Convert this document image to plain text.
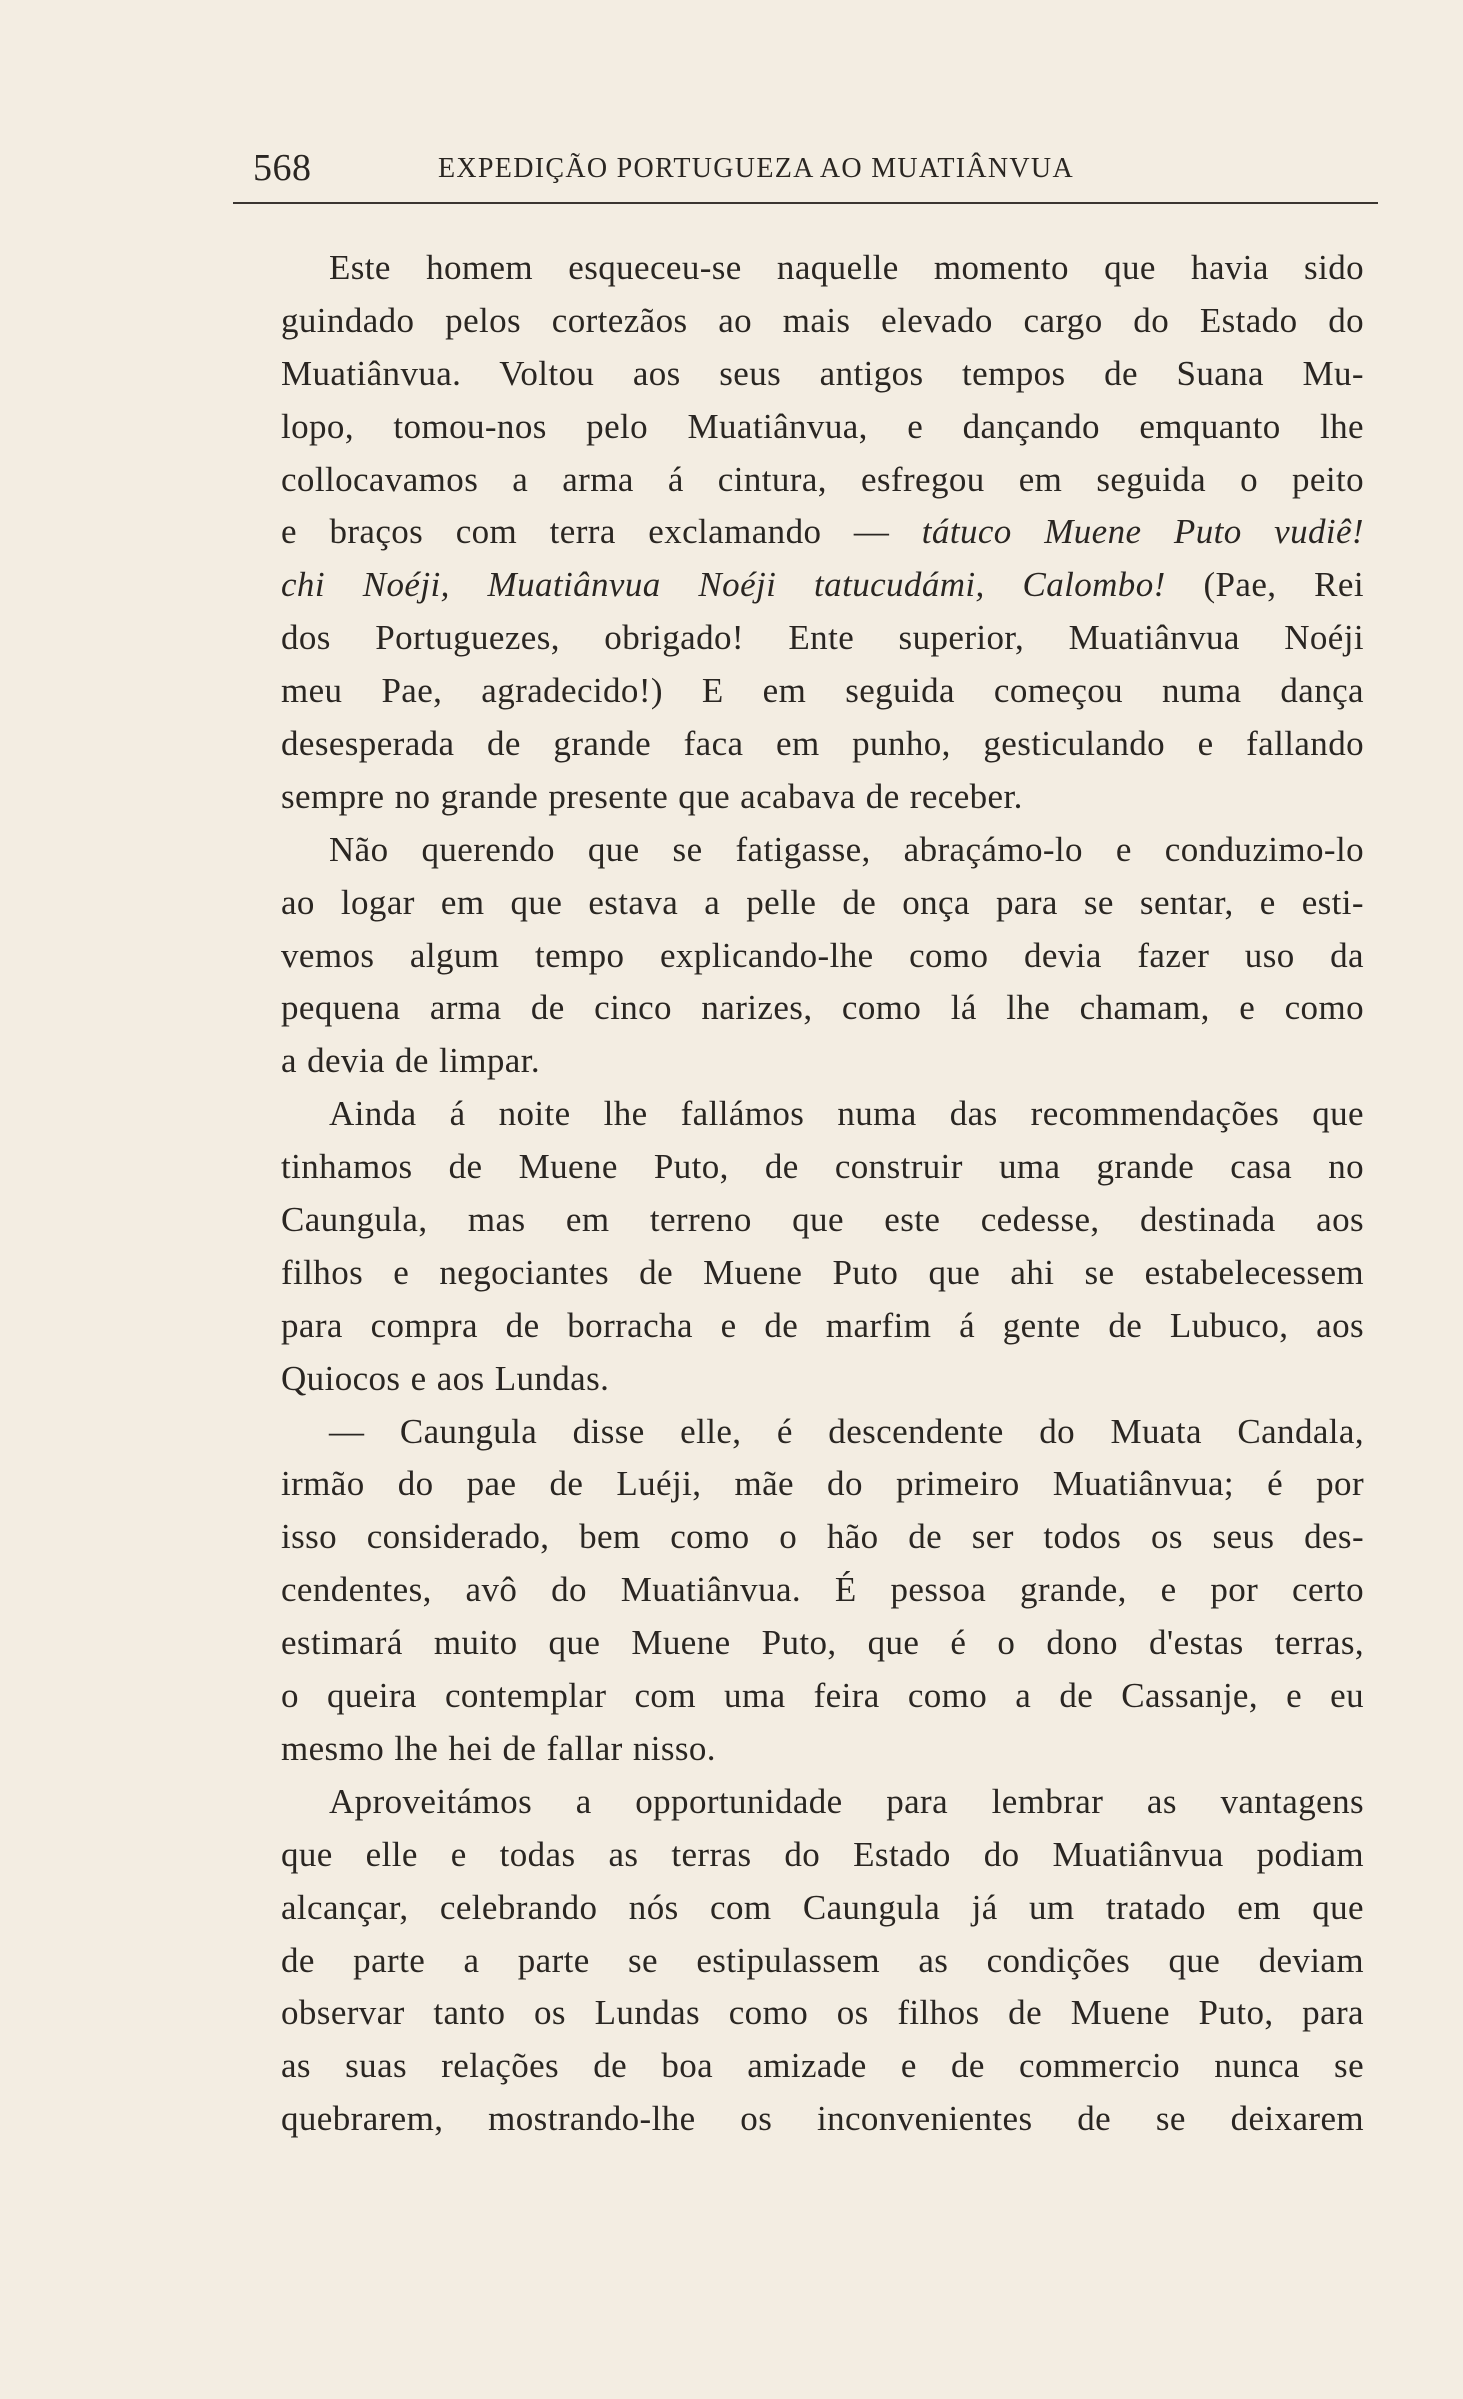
568	EXPEDIÇÃO PORTUGUEZA AO MUATIÂNVUA
Este homem esqueceu-se naquelle momento que havia sido
guindado pelos cortezãos ao mais elevado cargo do Estado do
Muatiânvua. Voltou aos seus antigos tempos de Suana Mu-
lopo, tomou-nos pelo Muatiânvua, e dançando emquanto lhe
collocavamos a arma á cintura, esfregou em seguida o peito
e braços com terra exclamando — tátuco Muene Puto vudiê!
chi Noéji, Muatiânvua Noéji tatucudámi, Calombo! (Pae, Rei
dos Portuguezes, obrigado! Ente superior, Muatiânvua Noéji
meu Pae, agradecido!) E em seguida começou numa dança
desesperada de grande faca em punho, gesticulando e fallando
sempre no grande presente que acabava de receber.
Não querendo que se fatigasse, abraçámo-lo e conduzimo-lo
ao logar em que estava a pelle de onça para se sentar, e esti-
vemos algum tempo explicando-lhe como devia fazer uso da
pequena arma de cinco narizes, como lá lhe chamam, e como
a devia de limpar.
Ainda á noite lhe fallámos numa das recommendações que
tinhamos de Muene Puto, de construir uma grande casa no
Caungula, mas em terreno que este cedesse, destinada aos
filhos e negociantes de Muene Puto que ahi se estabelecessem
para compra de borracha e de marfim á gente de Lubuco, aos
Quiocos e aos Lundas.
— Caungula disse elle, é descendente do Muata Candala,
irmão do pae de Luéji, mãe do primeiro Muatiânvua; é por
isso considerado, bem como o hão de ser todos os seus des-
cendentes, avô do Muatiânvua. É pessoa grande, e por certo
estimará muito que Muene Puto, que é o dono d'estas terras,
o queira contemplar com uma feira como a de Cassanje, e eu
mesmo lhe hei de fallar nisso.
Aproveitámos a opportunidade para lembrar as vantagens
que elle e todas as terras do Estado do Muatiânvua podiam
alcançar, celebrando nós com Caungula já um tratado em que
de parte a parte se estipulassem as condições que deviam
observar tanto os Lundas como os filhos de Muene Puto, para
as suas relações de boa amizade e de commercio nunca se
quebrarem, mostrando-lhe os inconvenientes de se deixarem
